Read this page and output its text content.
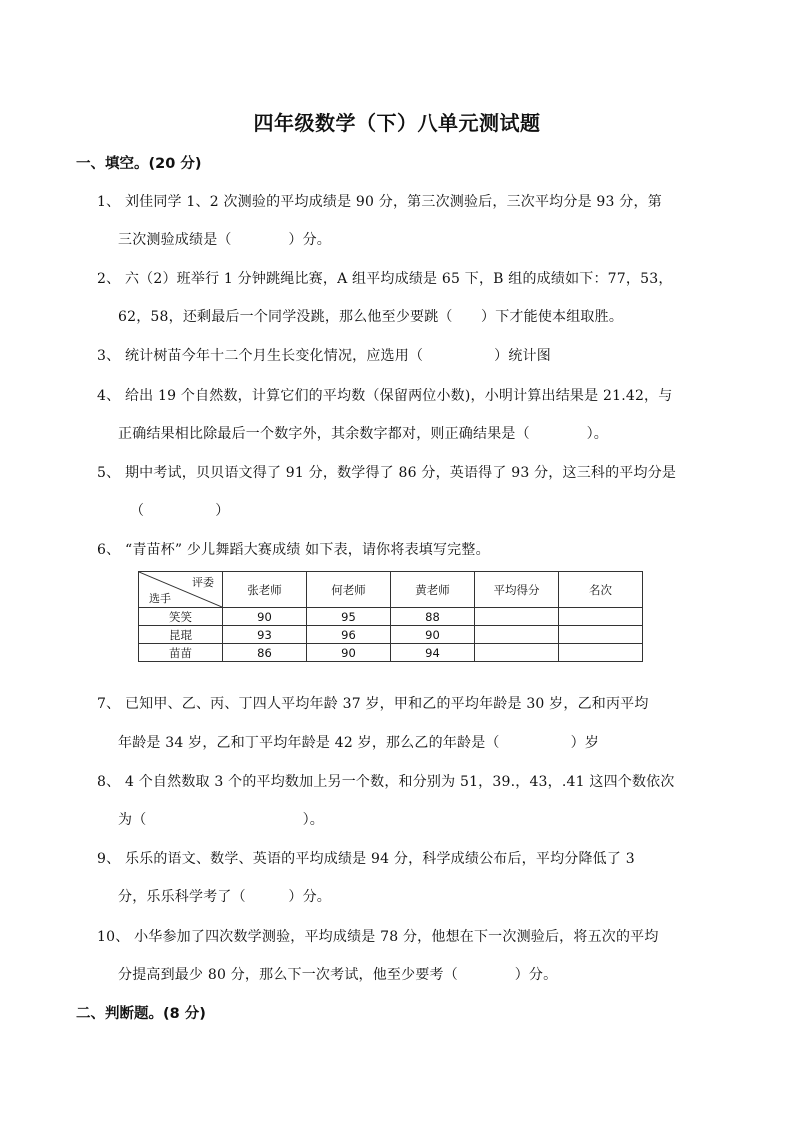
四年级数学（下）八单元测试题
一、填空。(20 分)
1、 刘佳同学 1、2 次测验的平均成绩是 90 分，第三次测验后，三次平均分是 93 分，第
三次测验成绩是（　　　　）分。
2、 六（2）班举行 1 分钟跳绳比赛，A 组平均成绩是 65 下，B 组的成绩如下：77，53，
62，58，还剩最后一个同学没跳，那么他至少要跳（　　）下才能使本组取胜。
3、 统计树苗今年十二个月生长变化情况，应选用（　　　　　）统计图
4、 给出 19 个自然数，计算它们的平均数（保留两位小数)，小明计算出结果是 21.42，与
正确结果相比除最后一个数字外，其余数字都对，则正确结果是（　　　　）。
5、 期中考试，贝贝语文得了 91 分，数学得了 86 分，英语得了 93 分，这三科的平均分是
（　　　　　）
6、 “青苗杯” 少儿舞蹈大赛成绩 如下表，请你将表填写完整。
评委
选手	张老师	何老师	黄老师	平均得分	名次
笑笑	90	95	88		
昆琨	93	96	90		
苗苗	86	90	94		
7、 已知甲、乙、丙、丁四人平均年龄 37 岁，甲和乙的平均年龄是 30 岁，乙和丙平均
年龄是 34 岁，乙和丁平均年龄是 42 岁，那么乙的年龄是（　　　　　）岁
8、 4 个自然数取 3 个的平均数加上另一个数，和分别为 51，39.，43，.41 这四个数依次
为（　　　　　　　　　　　）。
9、 乐乐的语文、数学、英语的平均成绩是 94 分，科学成绩公布后，平均分降低了 3
分，乐乐科学考了（　　　）分。
10、 小华参加了四次数学测验，平均成绩是 78 分，他想在下一次测验后，将五次的平均
分提高到最少 80 分，那么下一次考试，他至少要考（　　　　）分。
二、判断题。(8 分)
